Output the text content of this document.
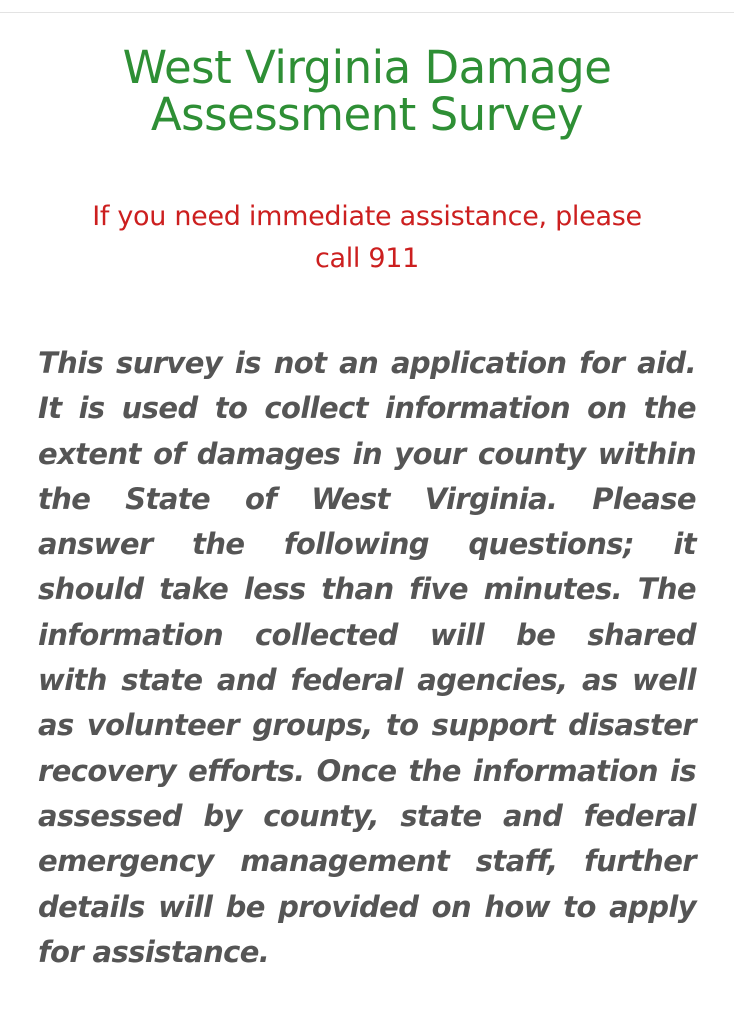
West Virginia Damage
Assessment Survey
If you need immediate assistance, please
call 911
This survey is not an application for aid.
It is used to collect information on the
extent of damages in your county within
the State of West Virginia. Please
answer the following questions; it
should take less than five minutes. The
information collected will be shared
with state and federal agencies, as well
as volunteer groups, to support disaster
recovery efforts. Once the information is
assessed by county, state and federal
emergency management staff, further
details will be provided on how to apply
for assistance.
